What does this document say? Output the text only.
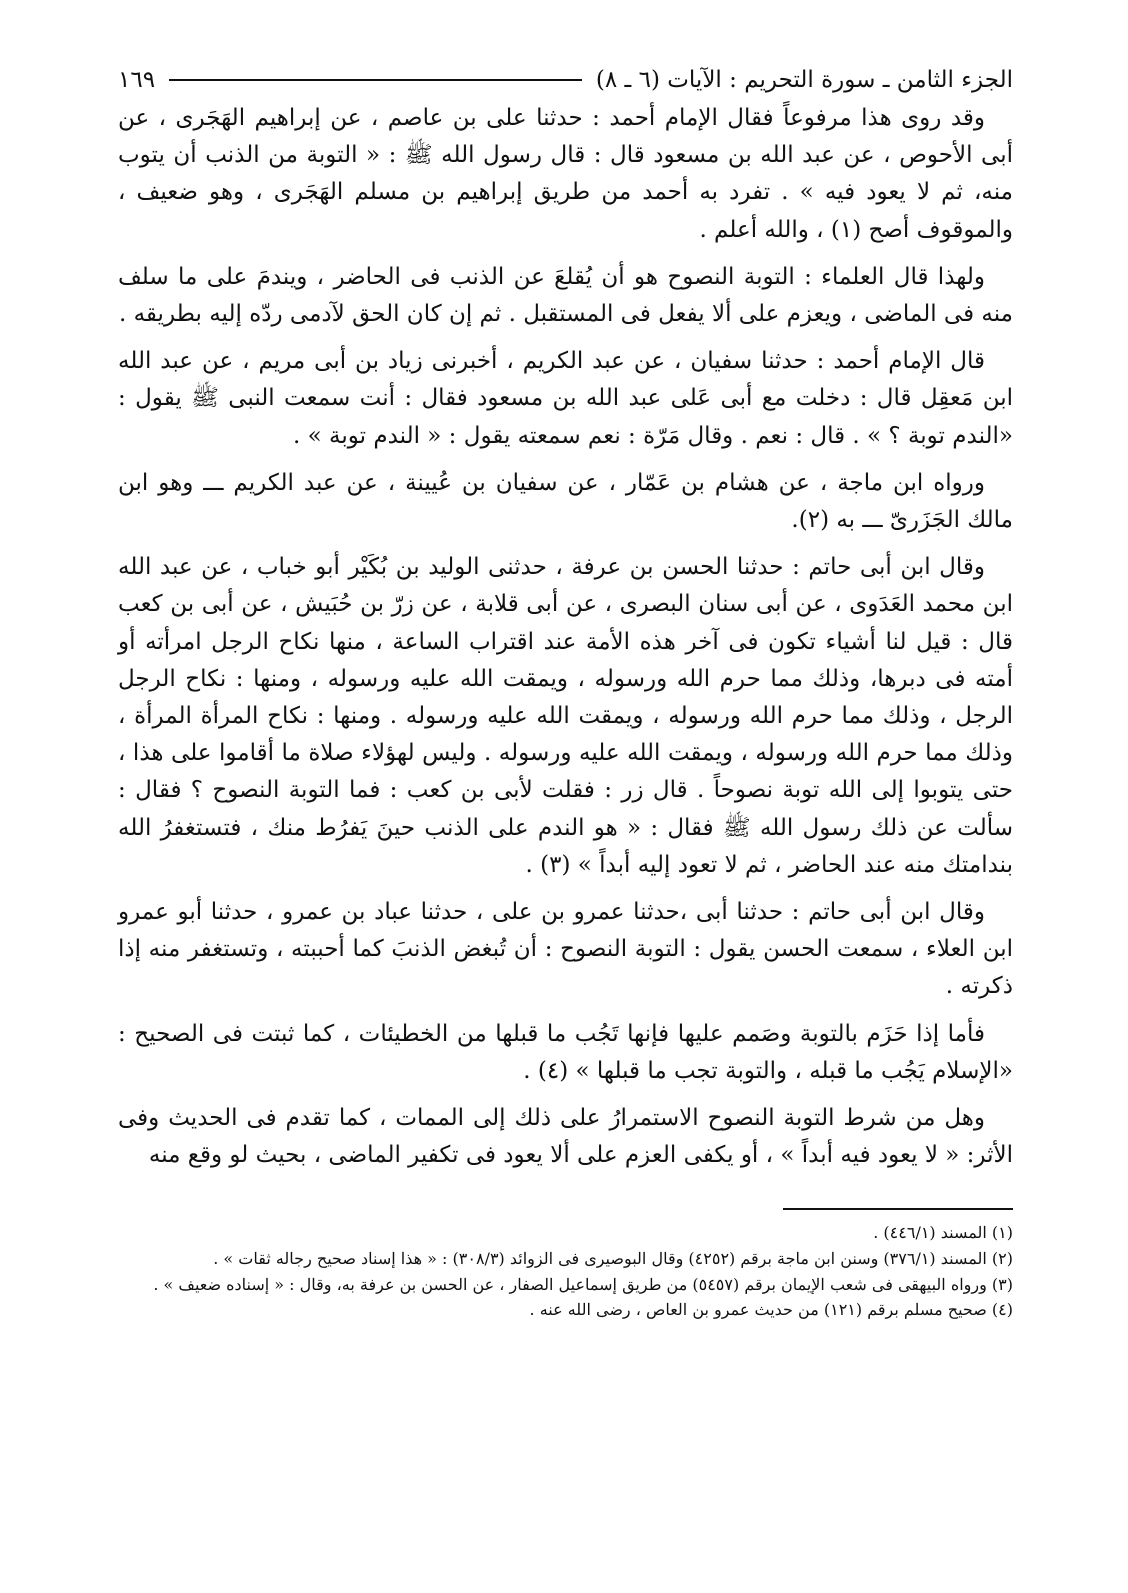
الجزء الثامن ـ سورة التحريم : الآيات (٦ ـ ٨)
١٦٩

وقد روى هذا مرفوعاً فقال الإمام أحمد : حدثنا على بن عاصم ، عن إبراهيم الهَجَرى ، عن أبى الأحوص ، عن عبد الله بن مسعود قال : قال رسول الله ﷺ : « التوبة من الذنب أن يتوب منه، ثم لا يعود فيه » . تفرد به أحمد من طريق إبراهيم بن مسلم الهَجَرى ، وهو ضعيف ، والموقوف أصح (١) ، والله أعلم .

ولهذا قال العلماء : التوبة النصوح هو أن يُقلعَ عن الذنب فى الحاضر ، ويندمَ على ما سلف منه فى الماضى ، ويعزم على ألا يفعل فى المستقبل . ثم إن كان الحق لآدمى ردّه إليه بطريقه .

قال الإمام أحمد : حدثنا سفيان ، عن عبد الكريم ، أخبرنى زياد بن أبى مريم ، عن عبد الله ابن مَعقِل قال : دخلت مع أبى عَلى عبد الله بن مسعود فقال : أنت سمعت النبى ﷺ يقول : «الندم توبة ؟ » . قال : نعم . وقال مَرّة : نعم سمعته يقول : « الندم توبة » .

ورواه ابن ماجة ، عن هشام بن عَمّار ، عن سفيان بن عُيينة ، عن عبد الكريم ـــ وهو ابن مالك الجَزَرىّ ـــ به (٢).

وقال ابن أبى حاتم : حدثنا الحسن بن عرفة ، حدثنى الوليد بن بُكَيْر أبو خباب ، عن عبد الله ابن محمد العَدَوى ، عن أبى سنان البصرى ، عن أبى قلابة ، عن زرّ بن حُبَيش ، عن أبى بن كعب قال : قيل لنا أشياء تكون فى آخر هذه الأمة عند اقتراب الساعة ، منها نكاح الرجل امرأته أو أمته فى دبرها، وذلك مما حرم الله ورسوله ، ويمقت الله عليه ورسوله ، ومنها : نكاح الرجل الرجل ، وذلك مما حرم الله ورسوله ، ويمقت الله عليه ورسوله . ومنها : نكاح المرأة المرأة ، وذلك مما حرم الله ورسوله ، ويمقت الله عليه ورسوله . وليس لهؤلاء صلاة ما أقاموا على هذا ، حتى يتوبوا إلى الله توبة نصوحاً . قال زر : فقلت لأبى بن كعب : فما التوبة النصوح ؟ فقال : سألت عن ذلك رسول الله ﷺ فقال : « هو الندم على الذنب حينَ يَفرُط منك ، فتستغفرُ الله بندامتك منه عند الحاضر ، ثم لا تعود إليه أبداً » (٣) .

وقال ابن أبى حاتم : حدثنا أبى ،حدثنا عمرو بن على ، حدثنا عباد بن عمرو ، حدثنا أبو عمرو ابن العلاء ، سمعت الحسن يقول : التوبة النصوح : أن تُبغض الذنبَ كما أحببته ، وتستغفر منه إذا ذكرته .

فأما إذا حَزَم بالتوبة وصَمم عليها فإنها تَجُب ما قبلها من الخطيئات ، كما ثبتت فى الصحيح : «الإسلام يَجُب ما قبله ، والتوبة تجب ما قبلها » (٤) .

وهل من شرط التوبة النصوح الاستمرارُ على ذلك إلى الممات ، كما تقدم فى الحديث وفى الأثر: « لا يعود فيه أبداً » ، أو يكفى العزم على ألا يعود فى تكفير الماضى ، بحيث لو وقع منه

(١) المسند (٤٤٦/١) .

(٢) المسند (٣٧٦/١) وسنن ابن ماجة برقم (٤٢٥٢) وقال البوصيرى فى الزوائد (٣٠٨/٣) : « هذا إسناد صحيح رجاله ثقات » .

(٣) ورواه البيهقى فى شعب الإيمان برقم (٥٤٥٧) من طريق إسماعيل الصفار ، عن الحسن بن عرفة به، وقال : « إسناده ضعيف » .

(٤) صحيح مسلم برقم (١٢١) من حديث عمرو بن العاص ، رضى الله عنه .
